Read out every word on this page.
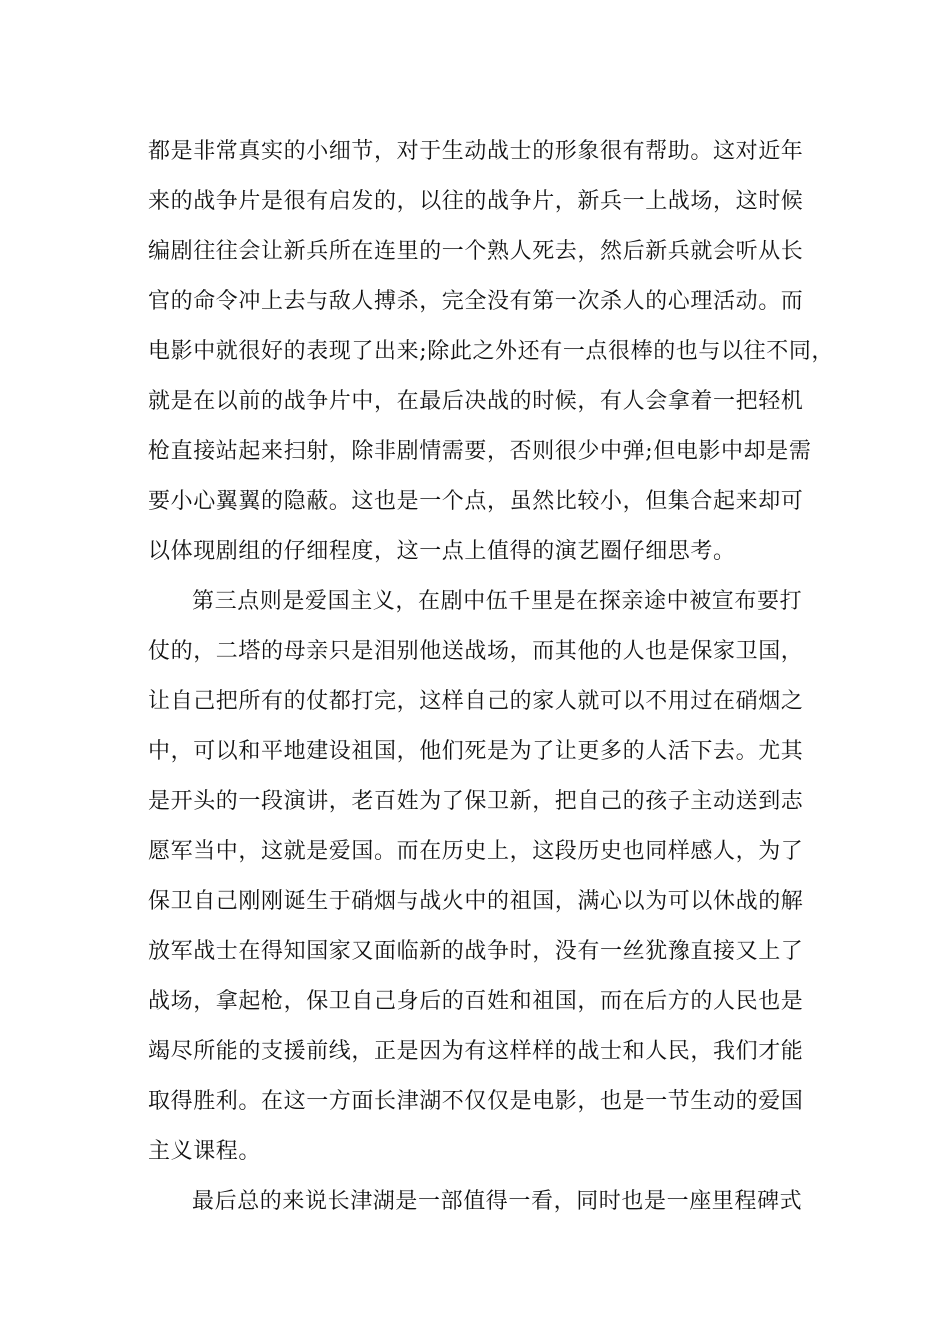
都是非常真实的小细节，对于生动战士的形象很有帮助。这对近年
来的战争片是很有启发的，以往的战争片，新兵一上战场，这时候
编剧往往会让新兵所在连里的一个熟人死去，然后新兵就会听从长
官的命令冲上去与敌人搏杀，完全没有第一次杀人的心理活动。而
电影中就很好的表现了出来;除此之外还有一点很棒的也与以往不同，
就是在以前的战争片中，在最后决战的时候，有人会拿着一把轻机
枪直接站起来扫射，除非剧情需要，否则很少中弹;但电影中却是需
要小心翼翼的隐蔽。这也是一个点，虽然比较小，但集合起来却可
以体现剧组的仔细程度，这一点上值得的演艺圈仔细思考。
第三点则是爱国主义，在剧中伍千里是在探亲途中被宣布要打
仗的，二塔的母亲只是泪别他送战场，而其他的人也是保家卫国，
让自己把所有的仗都打完，这样自己的家人就可以不用过在硝烟之
中，可以和平地建设祖国，他们死是为了让更多的人活下去。尤其
是开头的一段演讲，老百姓为了保卫新，把自己的孩子主动送到志
愿军当中，这就是爱国。而在历史上，这段历史也同样感人，为了
保卫自己刚刚诞生于硝烟与战火中的祖国，满心以为可以休战的解
放军战士在得知国家又面临新的战争时，没有一丝犹豫直接又上了
战场，拿起枪，保卫自己身后的百姓和祖国，而在后方的人民也是
竭尽所能的支援前线，正是因为有这样样的战士和人民，我们才能
取得胜利。在这一方面长津湖不仅仅是电影，也是一节生动的爱国
主义课程。
最后总的来说长津湖是一部值得一看，同时也是一座里程碑式
